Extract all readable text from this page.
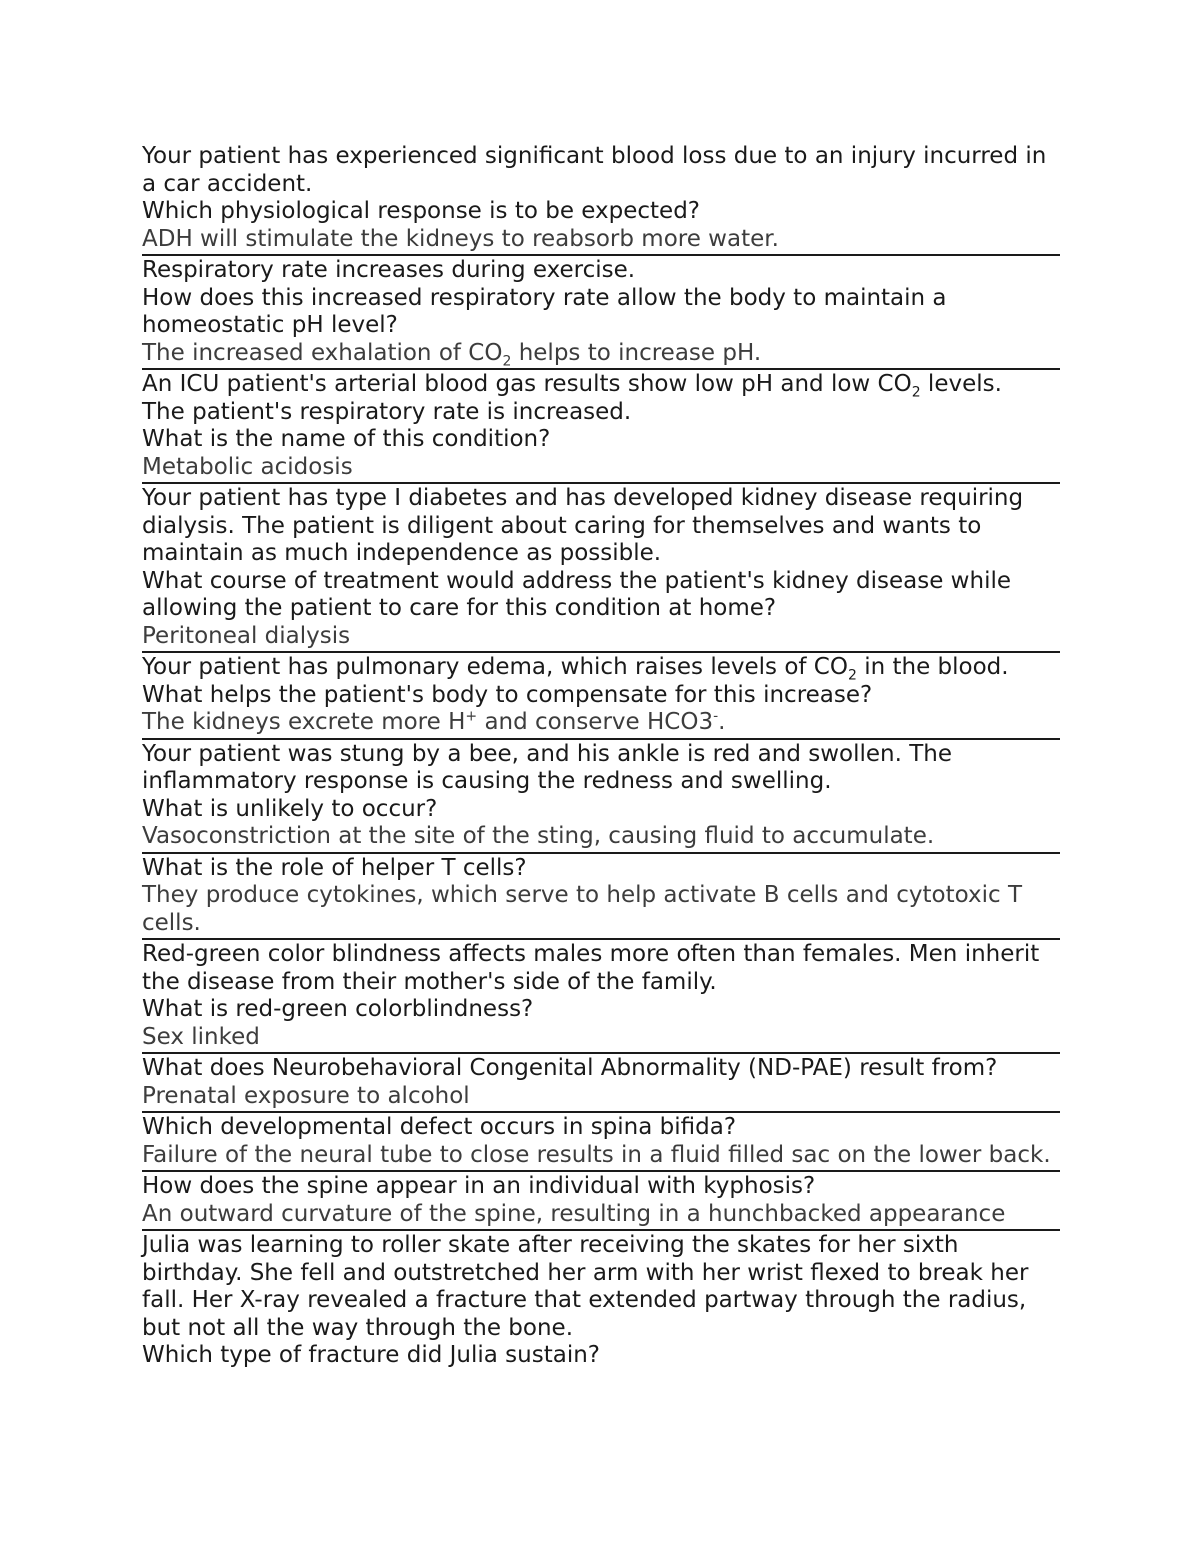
Your patient has experienced significant blood loss due to an injury incurred in a car accident.

Which physiological response is to be expected?

ADH will stimulate the kidneys to reabsorb more water.

Respiratory rate increases during exercise.

How does this increased respiratory rate allow the body to maintain a homeostatic pH level?

The increased exhalation of $CO_2$ helps to increase pH.

An ICU patient's arterial blood gas results show low pH and low $CO_2$ levels.

The patient's respiratory rate is increased.

What is the name of this condition?

Metabolic acidosis

Your patient has type I diabetes and has developed kidney disease requiring dialysis. The patient is diligent about caring for themselves and wants to maintain as much independence as possible.

What course of treatment would address the patient's kidney disease while allowing the patient to care for this condition at home?

Peritoneal dialysis

Your patient has pulmonary edema, which raises levels of $CO_2$ in the blood.

What helps the patient's body to compensate for this increase?

The kidneys excrete more H+ and conserve HCO3-.

Your patient was stung by a bee, and his ankle is red and swollen. The inflammatory response is causing the redness and swelling.

What is unlikely to occur?

Vasoconstriction at the site of the sting, causing fluid to accumulate.

What is the role of helper T cells?

They produce cytokines, which serve to help activate B cells and cytotoxic T cells.

Red-green color blindness affects males more often than females. Men inherit the disease from their mother's side of the family.

What is red-green colorblindness?

Sex linked

What does Neurobehavioral Congenital Abnormality (ND-PAE) result from?

Prenatal exposure to alcohol

Which developmental defect occurs in spina bifida?

Failure of the neural tube to close results in a fluid filled sac on the lower back.

How does the spine appear in an individual with kyphosis?

An outward curvature of the spine, resulting in a hunchbacked appearance

Julia was learning to roller skate after receiving the skates for her sixth birthday. She fell and outstretched her arm with her wrist flexed to break her fall. Her X-ray revealed a fracture that extended partway through the radius, but not all the way through the bone.

Which type of fracture did Julia sustain?
